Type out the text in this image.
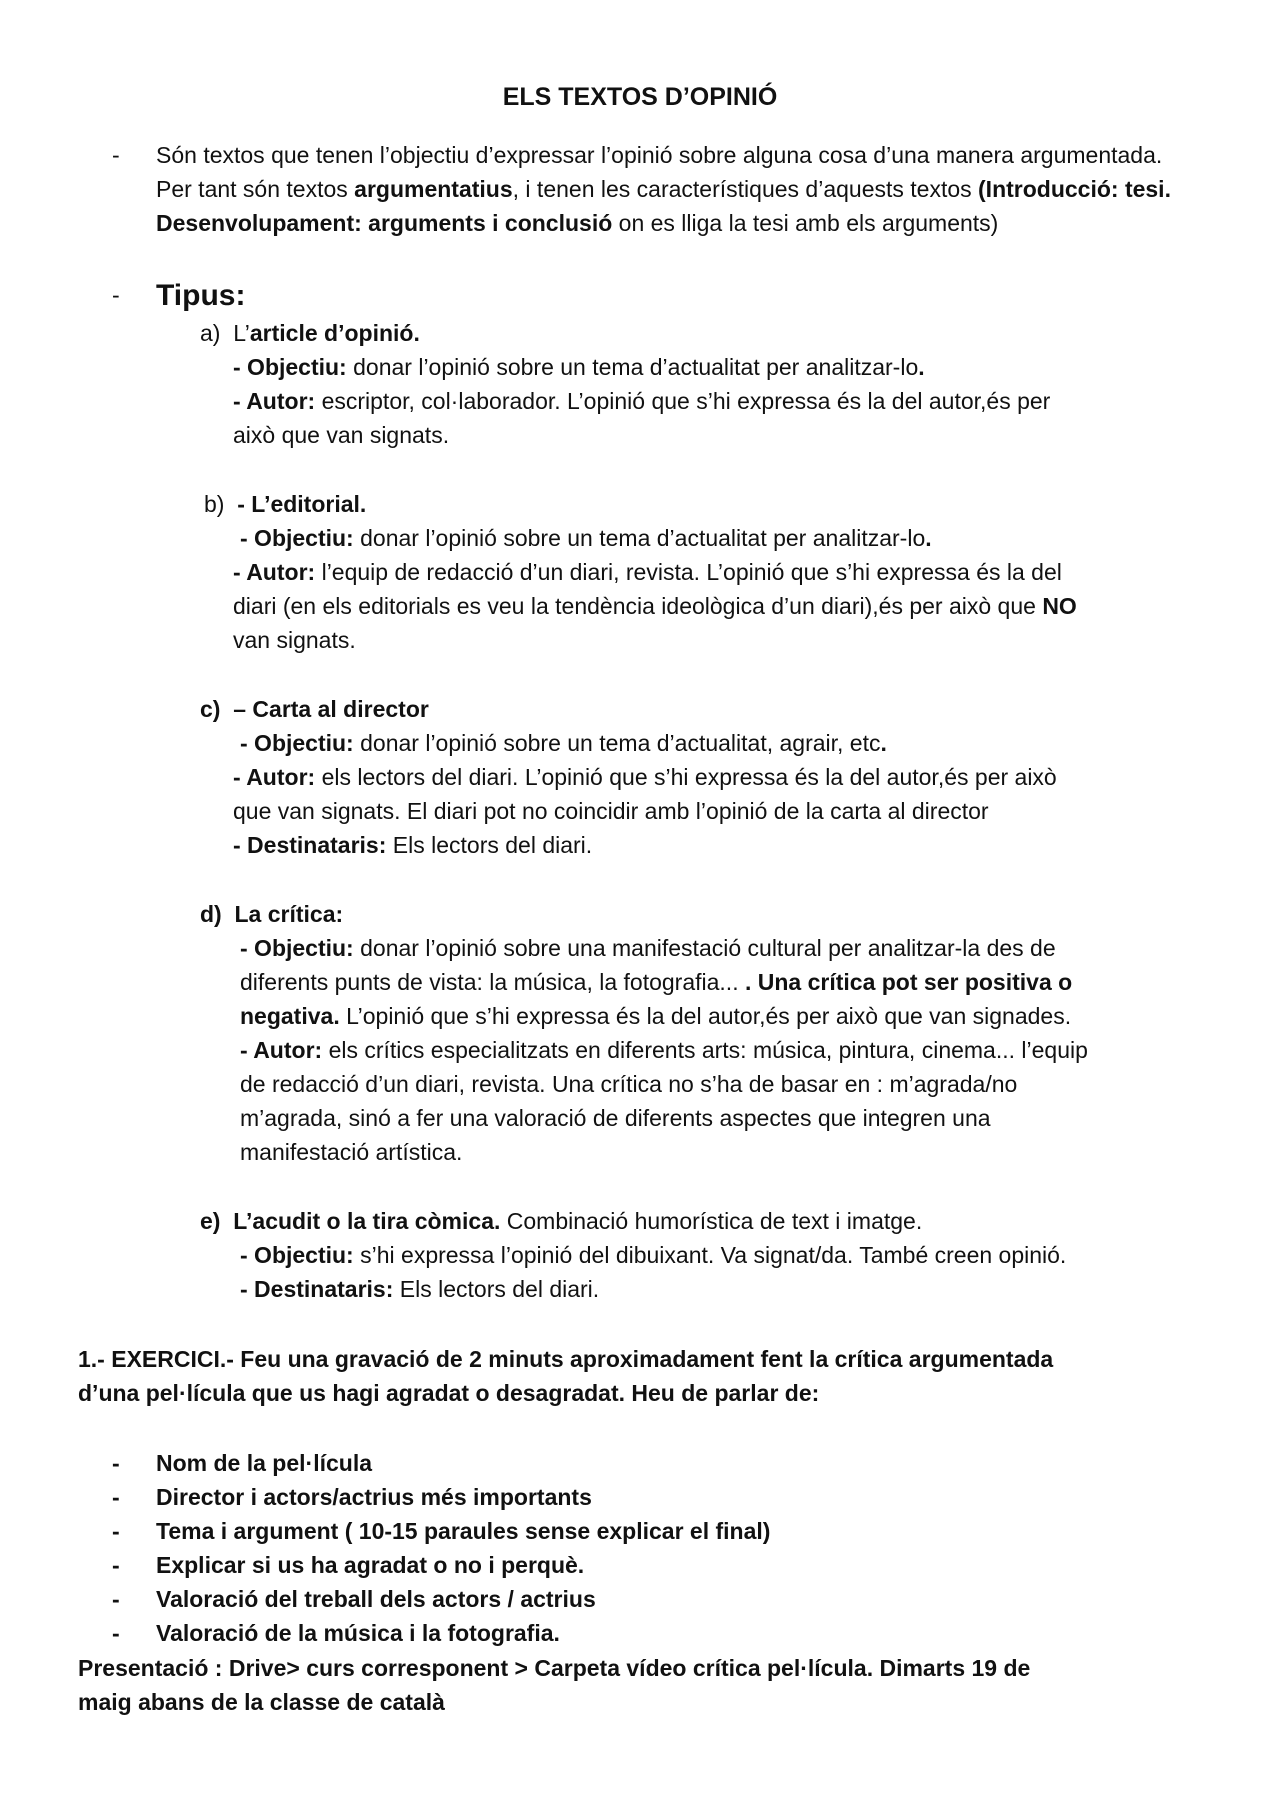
ELS TEXTOS D’OPINIÓ
-	Són textos que tenen l’objectiu d’expressar l’opinió sobre alguna cosa d’una manera argumentada. Per tant són textos argumentatius, i tenen les característiques d’aquests textos (Introducció: tesi. Desenvolupament: arguments i conclusió on es lliga la tesi amb els arguments)
-	Tipus:
a) L’article d’opinió.
- Objectiu: donar l’opinió sobre un tema d’actualitat per analitzar-lo.
- Autor: escriptor, col·laborador. L’opinió que s’hi expressa és la del autor,és per
això que van signats.
b) - L’editorial.
- Objectiu: donar l’opinió sobre un tema d’actualitat per analitzar-lo.
- Autor: l’equip de redacció d’un diari, revista. L’opinió que s’hi expressa és la del
diari (en els editorials es veu la tendència ideològica d’un diari),és per això que NO
van signats.
c) – Carta al director
- Objectiu: donar l’opinió sobre un tema d’actualitat, agrair, etc.
- Autor: els lectors del diari. L’opinió que s’hi expressa és la del autor,és per això
que van signats. El diari pot no coincidir amb l’opinió de la carta al director
- Destinataris: Els lectors del diari.
d) La crítica:
- Objectiu: donar l’opinió sobre una manifestació cultural per analitzar-la des de
diferents punts de vista: la música, la fotografia... . Una crítica pot ser positiva o
negativa. L’opinió que s’hi expressa és la del autor,és per això que van signades.
- Autor: els crítics especialitzats en diferents arts: música, pintura, cinema... l’equip
de redacció d’un diari, revista. Una crítica no s’ha de basar en : m’agrada/no
m’agrada, sinó a fer una valoració de diferents aspectes que integren una
manifestació artística.
e) L’acudit o la tira còmica. Combinació humorística de text i imatge.
- Objectiu: s’hi expressa l’opinió del dibuixant. Va signat/da. També creen opinió.
- Destinataris: Els lectors del diari.
1.- EXERCICI.- Feu una gravació de 2 minuts aproximadament fent la crítica argumentada
d’una pel·lícula que us hagi agradat o desagradat. Heu de parlar de:
-	Nom de la pel·lícula
-	Director i actors/actrius més importants
-	Tema i argument ( 10-15 paraules sense explicar el final)
-	Explicar si us ha agradat o no i perquè.
-	Valoració del treball dels actors / actrius
-	Valoració de la música i la fotografia.
Presentació : Drive> curs corresponent > Carpeta vídeo crítica pel·lícula. Dimarts 19 de
maig abans de la classe de català
